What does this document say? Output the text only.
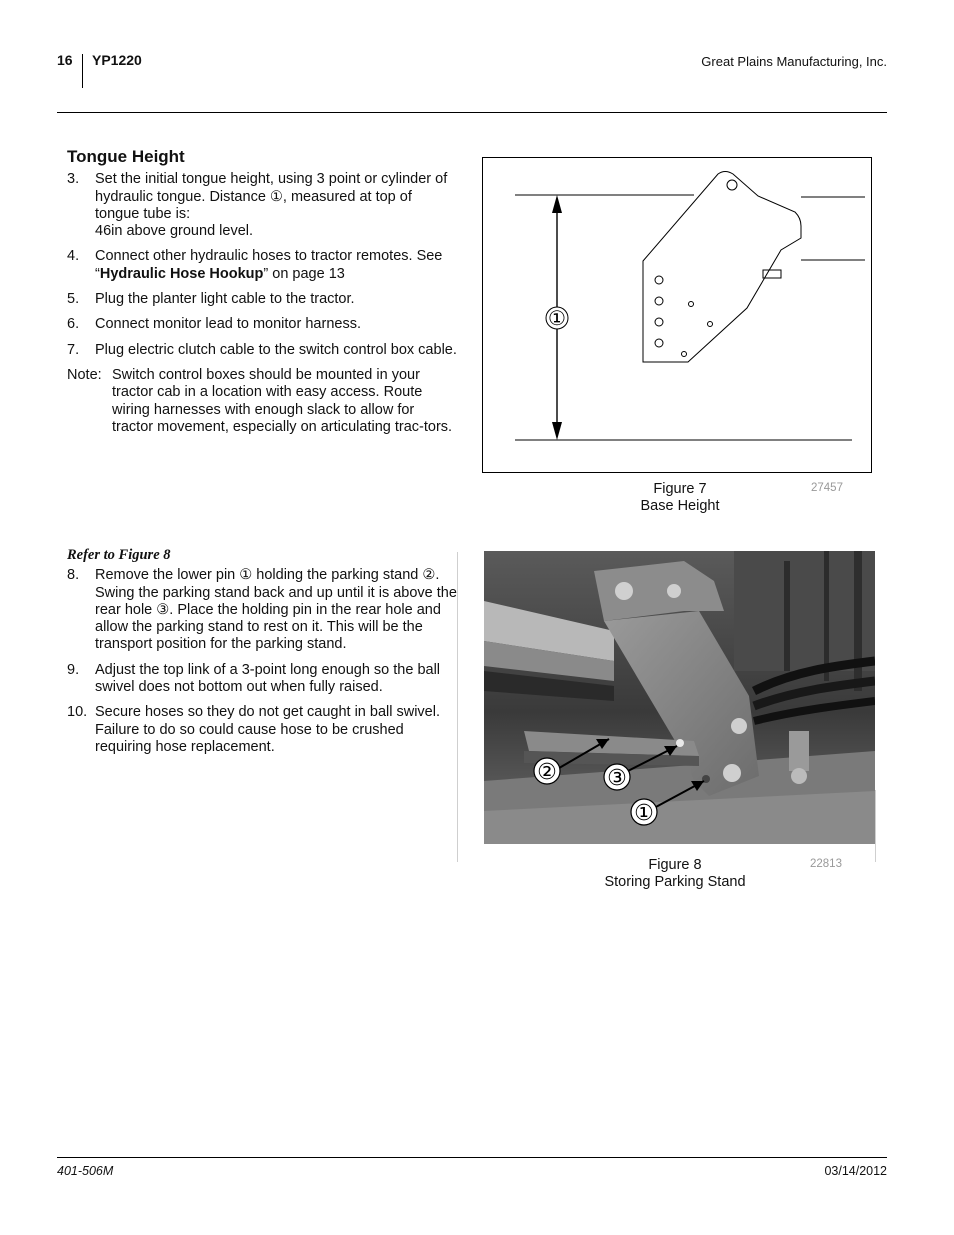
16 YP1220	Great Plains Manufacturing, Inc.
Tongue Height
3.	Set the initial tongue height, using 3 point or cylinder of hydraulic tongue. Distance ①, measured at top of tongue tube is:
46in above ground level.
4.	Connect other hydraulic hoses to tractor remotes. See “Hydraulic Hose Hookup” on page 13
5.	Plug the planter light cable to the tractor.
6.	Connect monitor lead to monitor harness.
7.	Plug electric clutch cable to the switch control box cable.
Note: Switch control boxes should be mounted in your tractor cab in a location with easy access. Route wiring harnesses with enough slack to allow for tractor movement, especially on articulating trac-tors.
Refer to Figure 8
8.	Remove the lower pin ① holding the parking stand ②. Swing the parking stand back and up until it is above the rear hole ③. Place the holding pin in the rear hole and allow the parking stand to rest on it. This will be the transport position for the parking stand.
9.	Adjust the top link of a 3-point long enough so the ball swivel does not bottom out when fully raised.
10. Secure hoses so they do not get caught in ball swivel. Failure to do so could cause hose to be crushed requiring hose replacement.
①
Figure 7
Base Height
27457
② ③
①
Figure 8
Storing Parking Stand
22813
401-506M	03/14/2012
